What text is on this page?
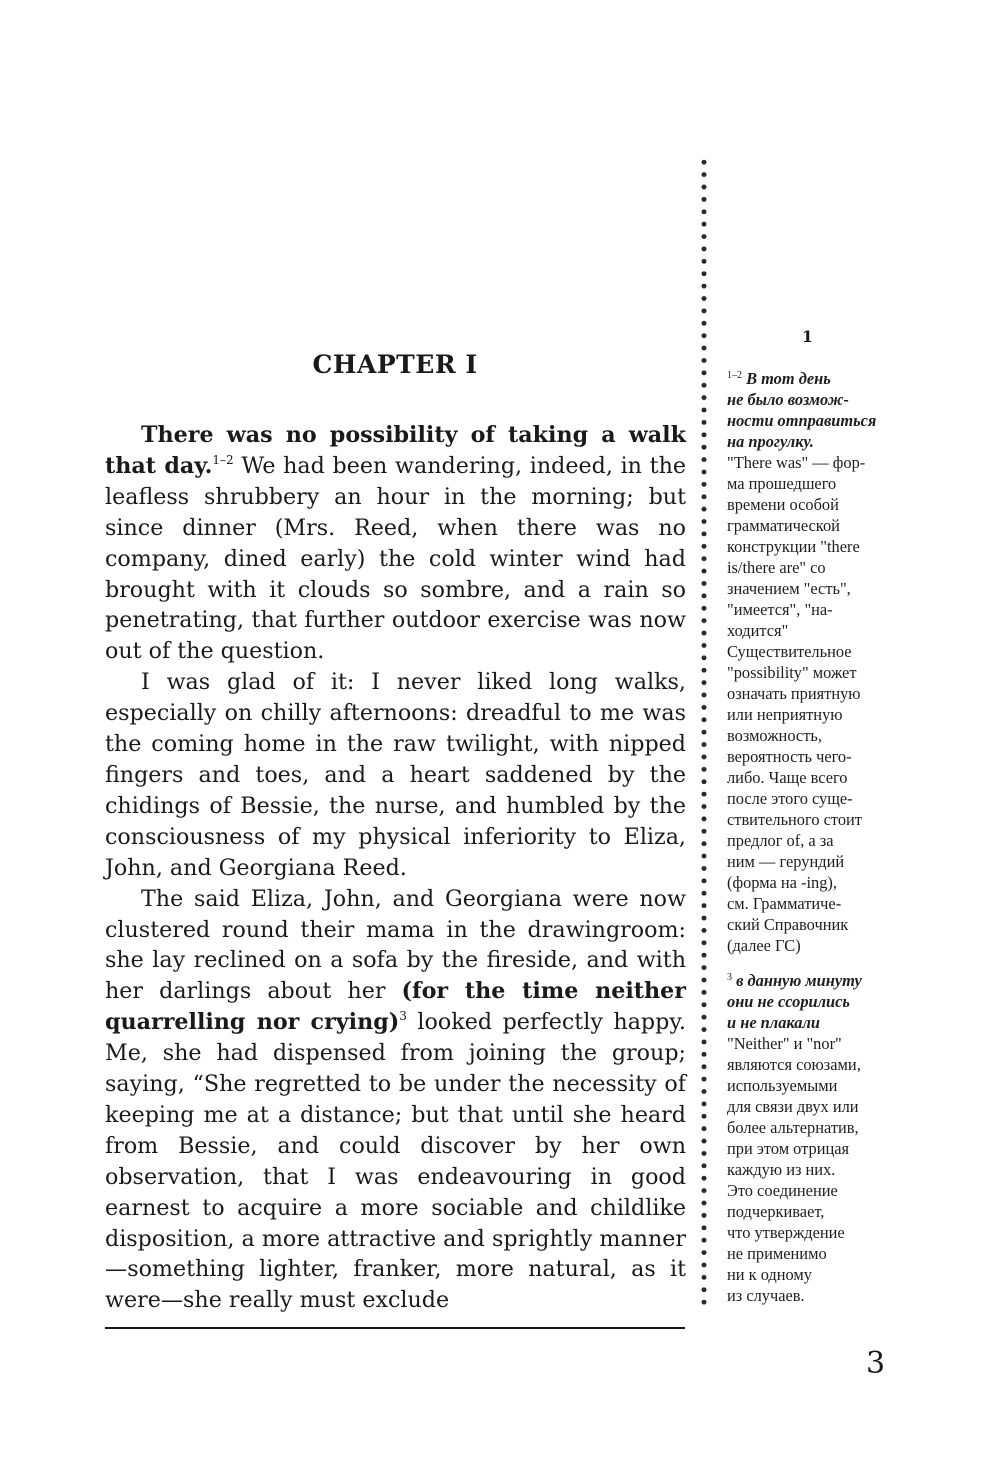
CHAPTER I

There was no possibility of taking a walk that day.$^{1-2}$ We had been wandering, indeed, in the leafless shrubbery an hour in the morning; but since dinner (Mrs. Reed, when there was no company, dined early) the cold winter wind had brought with it clouds so sombre, and a rain so penetrating, that further outdoor exercise was now out of the question.

I was glad of it: I never liked long walks, especially on chilly afternoons: dreadful to me was the coming home in the raw twilight, with nipped fingers and toes, and a heart saddened by the chidings of Bessie, the nurse, and humbled by the consciousness of my physical inferiority to Eliza, John, and Georgiana Reed.

The said Eliza, John, and Georgiana were now clustered round their mama in the drawingroom: she lay reclined on a sofa by the fireside, and with her darlings about her (for the time neither quarrelling nor crying)$^3$ looked perfectly happy. Me, she had dispensed from joining the group; saying, “She regretted to be under the necessity of keeping me at a distance; but that until she heard from Bessie, and could discover by her own observation, that I was endeavouring in good earnest to acquire a more sociable and childlike disposition, a more attractive and sprightly manner—something lighter, franker, more natural, as it were—she really must exclude

1
$^{1-2}$ В тот день
не было возмож-
ности отправиться
на прогулку.
"There was" — фор-
ма прошедшего
времени особой
грамматической
конструкции "there
is/there are" со
значением "есть",
"имеется", "на-
ходится"
Существительное
"possibility" может
означать приятную
или неприятную
возможность,
вероятность чего-
либо. Чаще всего
после этого суще-
ствительного стоит
предлог of, а за
ним — герундий
(форма на -ing),
см. Грамматиче-
ский Справочник
(далее ГС)
$^3$ в данную минуту
они не ссорились
и не плакали
"Neither" и "nor"
являются союзами,
используемыми
для связи двух или
более альтернатив,
при этом отрицая
каждую из них.
Это соединение
подчеркивает,
что утверждение
не применимо
ни к одному
из случаев.
3
